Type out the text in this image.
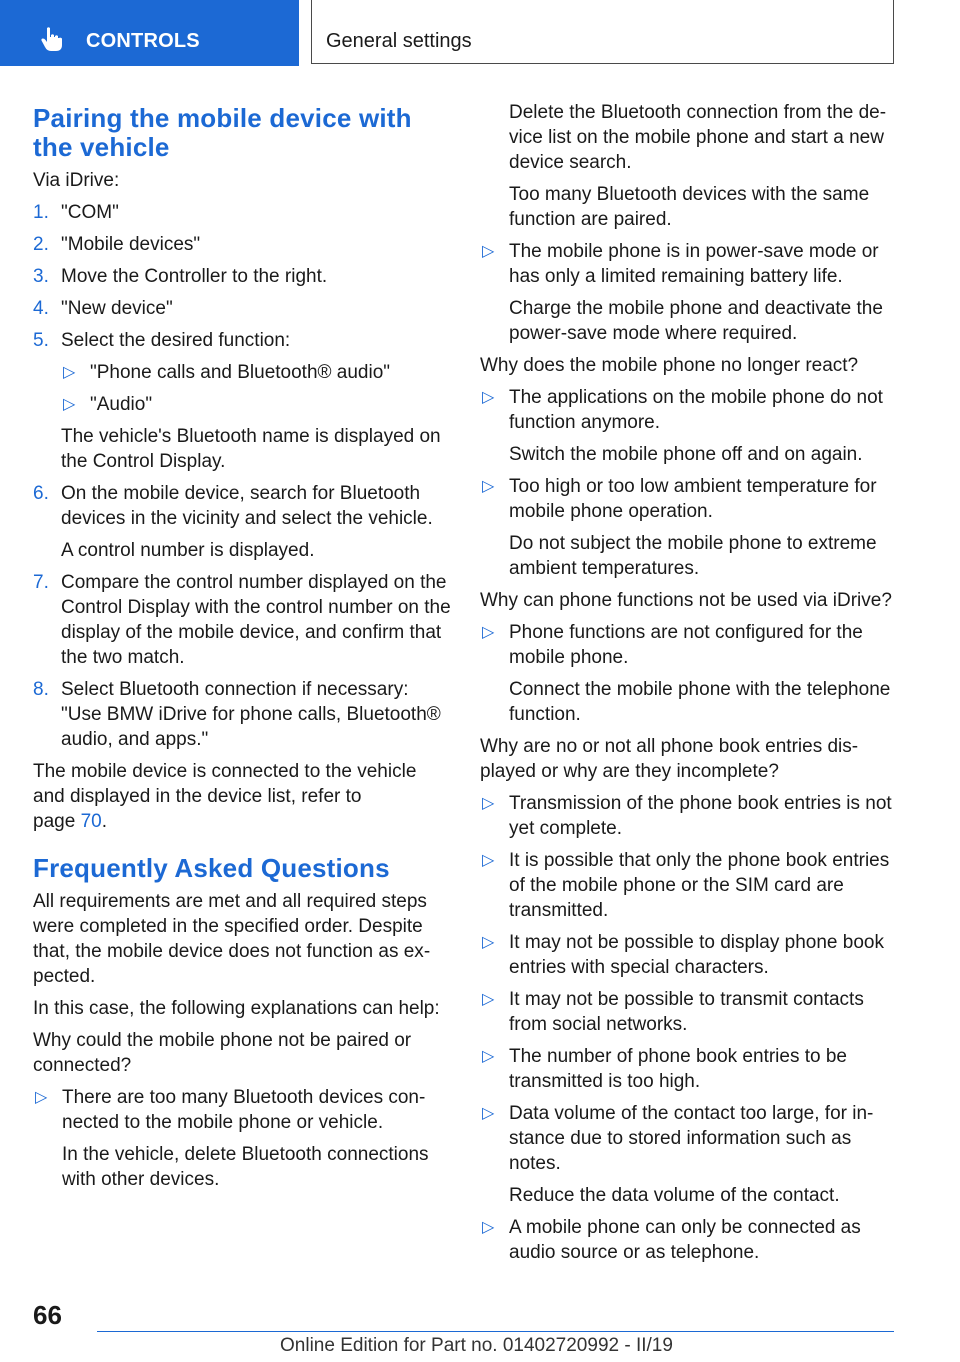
CONTROLS	General settings
Pairing the mobile device with the vehicle

Via iDrive:

1. "COM"
2. "Mobile devices"
3. Move the Controller to the right.
4. "New device"
5. Select the desired function:
▷ "Phone calls and Bluetooth® audio"
▷ "Audio"

The vehicle's Bluetooth name is displayed on the Control Display.

6. On the mobile device, search for Bluetooth devices in the vicinity and select the vehicle.

A control number is displayed.

7. Compare the control number displayed on the Control Display with the control number on the display of the mobile device, and confirm that the two match.
8. Select Bluetooth connection if necessary: "Use BMW iDrive for phone calls, Bluetooth® audio, and apps."

The mobile device is connected to the vehicle and displayed in the device list, refer to
page 70.

Frequently Asked Questions

All requirements are met and all required steps were completed in the specified order. Despite that, the mobile device does not function as expected.

In this case, the following explanations can help:

Why could the mobile phone not be paired or connected?

▷ There are too many Bluetooth devices connected to the mobile phone or vehicle.

In the vehicle, delete Bluetooth connections with other devices.

Delete the Bluetooth connection from the device list on the mobile phone and start a new device search.

Too many Bluetooth devices with the same function are paired.

▷ The mobile phone is in power-save mode or has only a limited remaining battery life.

Charge the mobile phone and deactivate the power-save mode where required.

Why does the mobile phone no longer react?

▷ The applications on the mobile phone do not function anymore.

Switch the mobile phone off and on again.

▷ Too high or too low ambient temperature for mobile phone operation.

Do not subject the mobile phone to extreme ambient temperatures.

Why can phone functions not be used via iDrive?

▷ Phone functions are not configured for the mobile phone.

Connect the mobile phone with the telephone function.

Why are no or not all phone book entries displayed or why are they incomplete?

▷ Transmission of the phone book entries is not yet complete.
▷ It is possible that only the phone book entries of the mobile phone or the SIM card are transmitted.
▷ It may not be possible to display phone book entries with special characters.
▷ It may not be possible to transmit contacts from social networks.
▷ The number of phone book entries to be transmitted is too high.
▷ Data volume of the contact too large, for instance due to stored information such as notes.

Reduce the data volume of the contact.

▷ A mobile phone can only be connected as audio source or as telephone.
66
Online Edition for Part no. 01402720992 - II/19
